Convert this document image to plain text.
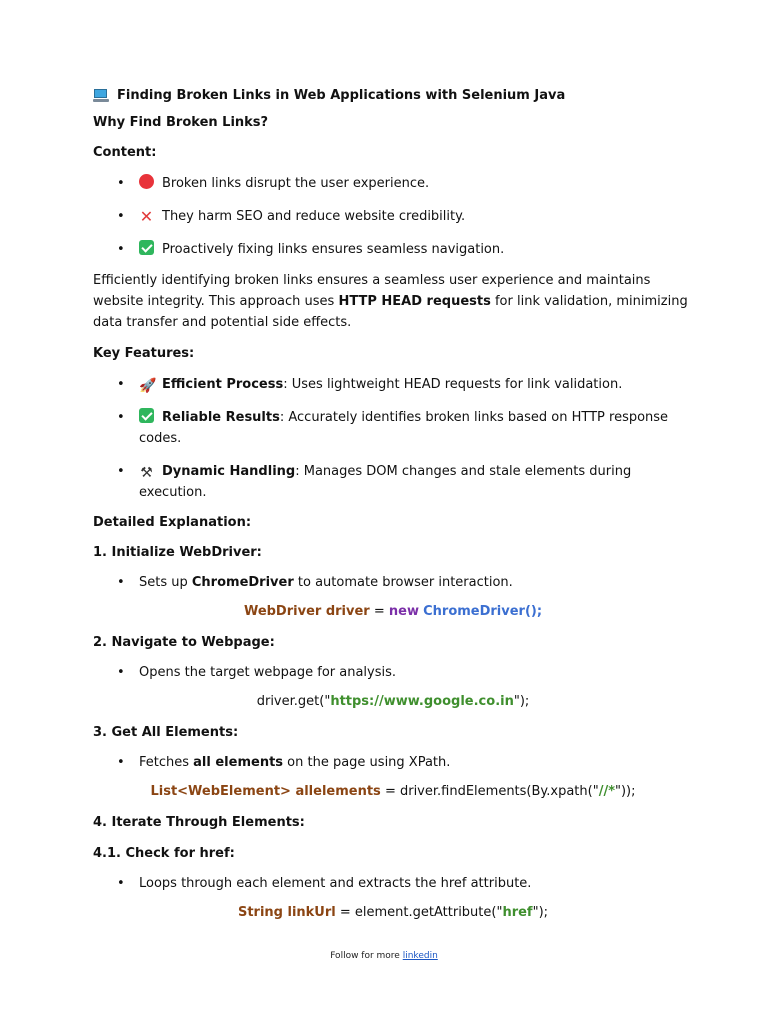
Finding Broken Links in Web Applications with Selenium Java
Why Find Broken Links?
Content:
•	Broken links disrupt the user experience.
• ✕ They harm SEO and reduce website credibility.
•	Proactively fixing links ensures seamless navigation.
Efficiently identifying broken links ensures a seamless user experience and maintains website integrity. This approach uses HTTP HEAD requests for link validation, minimizing data transfer and potential side effects.
Key Features:
• 🚀 Efficient Process: Uses lightweight HEAD requests for link validation.
•	Reliable Results: Accurately identifies broken links based on HTTP response codes.
• ⚒ Dynamic Handling: Manages DOM changes and stale elements during execution.
Detailed Explanation:
1. Initialize WebDriver:
• Sets up ChromeDriver to automate browser interaction.
WebDriver driver = new ChromeDriver();
2. Navigate to Webpage:
• Opens the target webpage for analysis.
driver.get("https://www.google.co.in");
3. Get All Elements:
• Fetches all elements on the page using XPath.
List<WebElement> allelements = driver.findElements(By.xpath("//*"));
4. Iterate Through Elements:
4.1. Check for href:
• Loops through each element and extracts the href attribute.
String linkUrl = element.getAttribute("href");
Follow for more linkedin
